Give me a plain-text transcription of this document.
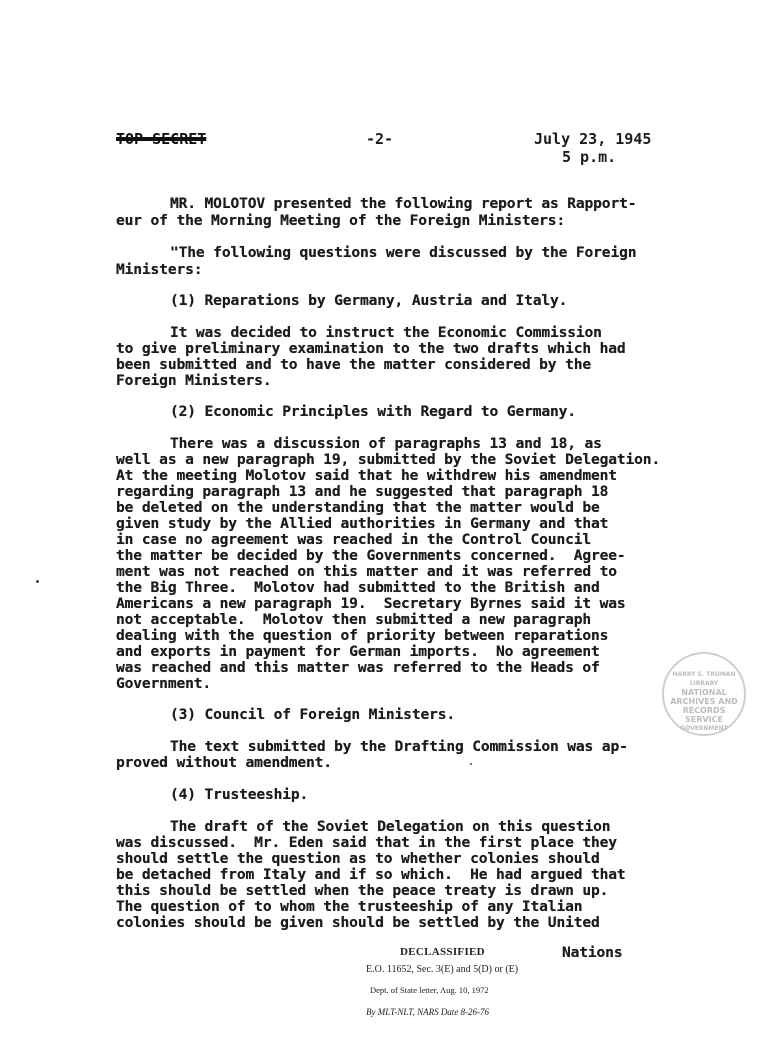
TOP SECRET	-2-	July 23, 1945
5 p.m.
MR. MOLOTOV presented the following report as Rapport-
eur of the Morning Meeting of the Foreign Ministers:
"The following questions were discussed by the Foreign
Ministers:
(1) Reparations by Germany, Austria and Italy.
It was decided to instruct the Economic Commission
to give preliminary examination to the two drafts which had
been submitted and to have the matter considered by the
Foreign Ministers.
(2) Economic Principles with Regard to Germany.
There was a discussion of paragraphs 13 and 18, as
well as a new paragraph 19, submitted by the Soviet Delegation.
At the meeting Molotov said that he withdrew his amendment
regarding paragraph 13 and he suggested that paragraph 18
be deleted on the understanding that the matter would be
given study by the Allied authorities in Germany and that
in case no agreement was reached in the Control Council
the matter be decided by the Governments concerned.  Agree-
ment was not reached on this matter and it was referred to
the Big Three.  Molotov had submitted to the British and
Americans a new paragraph 19.  Secretary Byrnes said it was
not acceptable.  Molotov then submitted a new paragraph
dealing with the question of priority between reparations
and exports in payment for German imports.  No agreement
was reached and this matter was referred to the Heads of
Government.
(3) Council of Foreign Ministers.
The text submitted by the Drafting Commission was ap-
proved without amendment.
(4) Trusteeship.
The draft of the Soviet Delegation on this question
was discussed.  Mr. Eden said that in the first place they
should settle the question as to whether colonies should
be detached from Italy and if so which.  He had argued that
this should be settled when the peace treaty is drawn up.
The question of to whom the trusteeship of any Italian
colonies should be given should be settled by the United
Nations
DECLASSIFIED
E.O. 11652, Sec. 3(E) and 5(D) or (E)
Dept. of State letter, Aug. 10, 1972
By MLT-NLT, NARS Date 8-26-76
HARRY S. TRUMAN LIBRARY
NATIONAL
ARCHIVES AND
RECORDS
SERVICE
GOVERNMENT
